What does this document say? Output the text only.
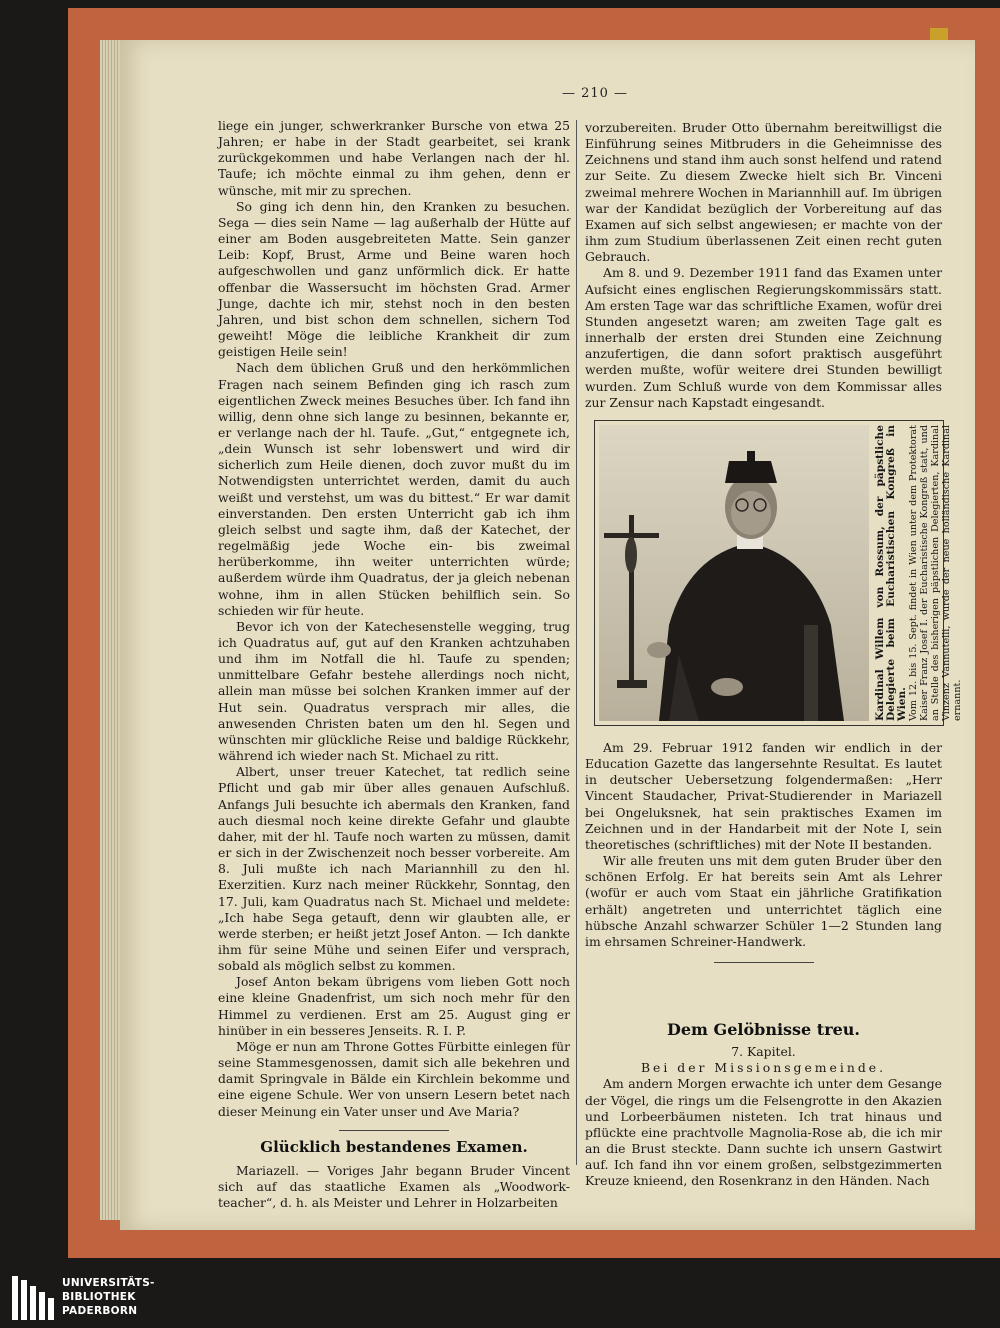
— 210 —

liege ein junger, schwerkranker Bursche von etwa 25 Jahren; er habe in der Stadt gearbeitet, sei krank zurückgekommen und habe Verlangen nach der hl. Taufe; ich möchte einmal zu ihm gehen, denn er wünsche, mit mir zu sprechen.

So ging ich denn hin, den Kranken zu besuchen. Sega — dies sein Name — lag außerhalb der Hütte auf einer am Boden ausgebreiteten Matte. Sein ganzer Leib: Kopf, Brust, Arme und Beine waren hoch aufgeschwollen und ganz unförmlich dick. Er hatte offenbar die Wassersucht im höchsten Grad. Armer Junge, dachte ich mir, stehst noch in den besten Jahren, und bist schon dem schnellen, sichern Tod geweiht! Möge die leibliche Krankheit dir zum geistigen Heile sein!

Nach dem üblichen Gruß und den herkömmlichen Fragen nach seinem Befinden ging ich rasch zum eigentlichen Zweck meines Besuches über. Ich fand ihn willig, denn ohne sich lange zu besinnen, bekannte er, er verlange nach der hl. Taufe. „Gut,“ entgegnete ich, „dein Wunsch ist sehr lobenswert und wird dir sicherlich zum Heile dienen, doch zuvor mußt du im Notwendigsten unterrichtet werden, damit du auch weißt und verstehst, um was du bittest.“ Er war damit einverstanden. Den ersten Unterricht gab ich ihm gleich selbst und sagte ihm, daß der Katechet, der regelmäßig jede Woche ein- bis zweimal herüberkomme, ihn weiter unterrichten würde; außerdem würde ihm Quadratus, der ja gleich nebenan wohne, ihm in allen Stücken behilflich sein. So schieden wir für heute.

Bevor ich von der Katechesenstelle wegging, trug ich Quadratus auf, gut auf den Kranken achtzuhaben und ihm im Notfall die hl. Taufe zu spenden; unmittelbare Gefahr bestehe allerdings noch nicht, allein man müsse bei solchen Kranken immer auf der Hut sein. Quadratus versprach mir alles, die anwesenden Christen baten um den hl. Segen und wünschten mir glückliche Reise und baldige Rückkehr, während ich wieder nach St. Michael zu ritt.

Albert, unser treuer Katechet, tat redlich seine Pflicht und gab mir über alles genauen Aufschluß. Anfangs Juli besuchte ich abermals den Kranken, fand auch diesmal noch keine direkte Gefahr und glaubte daher, mit der hl. Taufe noch warten zu müssen, damit er sich in der Zwischenzeit noch besser vorbereite. Am 8. Juli mußte ich nach Mariannhill zu den hl. Exerzitien. Kurz nach meiner Rückkehr, Sonntag, den 17. Juli, kam Quadratus nach St. Michael und meldete: „Ich habe Sega getauft, denn wir glaubten alle, er werde sterben; er heißt jetzt Josef Anton. — Ich dankte ihm für seine Mühe und seinen Eifer und versprach, sobald als möglich selbst zu kommen.

Josef Anton bekam übrigens vom lieben Gott noch eine kleine Gnadenfrist, um sich noch mehr für den Himmel zu verdienen. Erst am 25. August ging er hinüber in ein besseres Jenseits. R. I. P.

Möge er nun am Throne Gottes Fürbitte einlegen für seine Stammesgenossen, damit sich alle bekehren und damit Springvale in Bälde ein Kirchlein bekomme und eine eigene Schule. Wer von unsern Lesern betet nach dieser Meinung ein Vater unser und Ave Maria?

Glücklich bestandenes Examen.

Mariazell. — Voriges Jahr begann Bruder Vincent sich auf das staatliche Examen als „Woodwork-teacher“, d. h. als Meister und Lehrer in Holzarbeiten

vorzubereiten. Bruder Otto übernahm bereitwilligst die Einführung seines Mitbruders in die Geheimnisse des Zeichnens und stand ihm auch sonst helfend und ratend zur Seite. Zu diesem Zwecke hielt sich Br. Vinceni zweimal mehrere Wochen in Mariannhill auf. Im übrigen war der Kandidat bezüglich der Vorbereitung auf das Examen auf sich selbst angewiesen; er machte von der ihm zum Studium überlassenen Zeit einen recht guten Gebrauch.

Am 8. und 9. Dezember 1911 fand das Examen unter Aufsicht eines englischen Regierungskommissärs statt. Am ersten Tage war das schriftliche Examen, wofür drei Stunden angesetzt waren; am zweiten Tage galt es innerhalb der ersten drei Stunden eine Zeichnung anzufertigen, die dann sofort praktisch ausgeführt werden mußte, wofür weitere drei Stunden bewilligt wurden. Zum Schluß wurde von dem Kommissar alles zur Zensur nach Kapstadt eingesandt.

Kardinal Willem von Rossum, der päpstliche Delegierte beim Eucharistischen Kongreß in Wien. Vom 12. bis 15. Sept. findet in Wien unter dem Protektorat Kaiser Franz Josef I. der Eucharistische Kongreß statt, und an Stelle des bisherigen päpstlichen Delegierten, Kardinal Vinzenz Vannutelli, wurde der neue holländische Kardinal ernannt.

Am 29. Februar 1912 fanden wir endlich in der Education Gazette das langersehnte Resultat. Es lautet in deutscher Uebersetzung folgendermaßen: „Herr Vincent Staudacher, Privat-Studierender in Mariazell bei Ongeluksnek, hat sein praktisches Examen im Zeichnen und in der Handarbeit mit der Note I, sein theoretisches (schriftliches) mit der Note II bestanden.

Wir alle freuten uns mit dem guten Bruder über den schönen Erfolg. Er hat bereits sein Amt als Lehrer (wofür er auch vom Staat ein jährliche Gratifikation erhält) angetreten und unterrichtet täglich eine hübsche Anzahl schwarzer Schüler 1—2 Stunden lang im ehrsamen Schreiner-Handwerk.

Dem Gelöbnisse treu.
7. Kapitel.
Bei der Missionsgemeinde.

Am andern Morgen erwachte ich unter dem Gesange der Vögel, die rings um die Felsengrotte in den Akazien und Lorbeerbäumen nisteten. Ich trat hinaus und pflückte eine prachtvolle Magnolia-Rose ab, die ich mir an die Brust steckte. Dann suchte ich unsern Gastwirt auf. Ich fand ihn vor einem großen, selbstgezimmerten Kreuze knieend, den Rosenkranz in den Händen. Nach

UNIVERSITÄTS-
BIBLIOTHEK
PADERBORN
